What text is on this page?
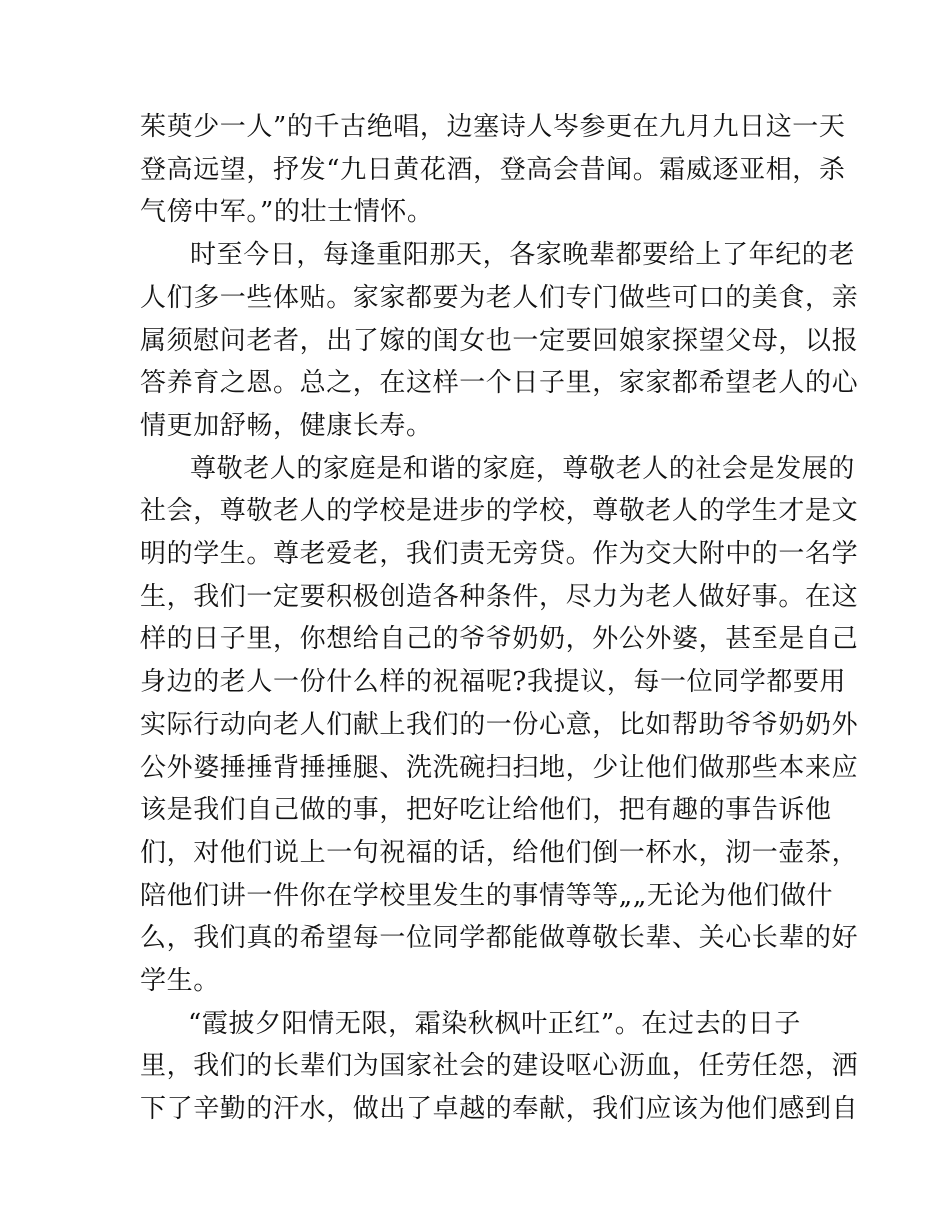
茱萸少一人”的千古绝唱，边塞诗人岑参更在九月九日这一天
登高远望，抒发“九日黄花酒，登高会昔闻。霜威逐亚相，杀
气傍中军。”的壮士情怀。

时至今日，每逢重阳那天，各家晚辈都要给上了年纪的老
人们多一些体贴。家家都要为老人们专门做些可口的美食，亲
属须慰问老者，出了嫁的闺女也一定要回娘家探望父母，以报
答养育之恩。总之，在这样一个日子里，家家都希望老人的心
情更加舒畅，健康长寿。

尊敬老人的家庭是和谐的家庭，尊敬老人的社会是发展的
社会，尊敬老人的学校是进步的学校，尊敬老人的学生才是文
明的学生。尊老爱老，我们责无旁贷。作为交大附中的一名学
生，我们一定要积极创造各种条件，尽力为老人做好事。在这
样的日子里，你想给自己的爷爷奶奶，外公外婆，甚至是自己
身边的老人一份什么样的祝福呢?我提议，每一位同学都要用
实际行动向老人们献上我们的一份心意，比如帮助爷爷奶奶外
公外婆捶捶背捶捶腿、洗洗碗扫扫地，少让他们做那些本来应
该是我们自己做的事，把好吃让给他们，把有趣的事告诉他
们，对他们说上一句祝福的话，给他们倒一杯水，沏一壶茶，
陪他们讲一件你在学校里发生的事情等等„„无论为他们做什
么，我们真的希望每一位同学都能做尊敬长辈、关心长辈的好
学生。

“霞披夕阳情无限，霜染秋枫叶正红”。在过去的日子
里，我们的长辈们为国家社会的建设呕心沥血，任劳任怨，洒
下了辛勤的汗水，做出了卓越的奉献，我们应该为他们感到自
